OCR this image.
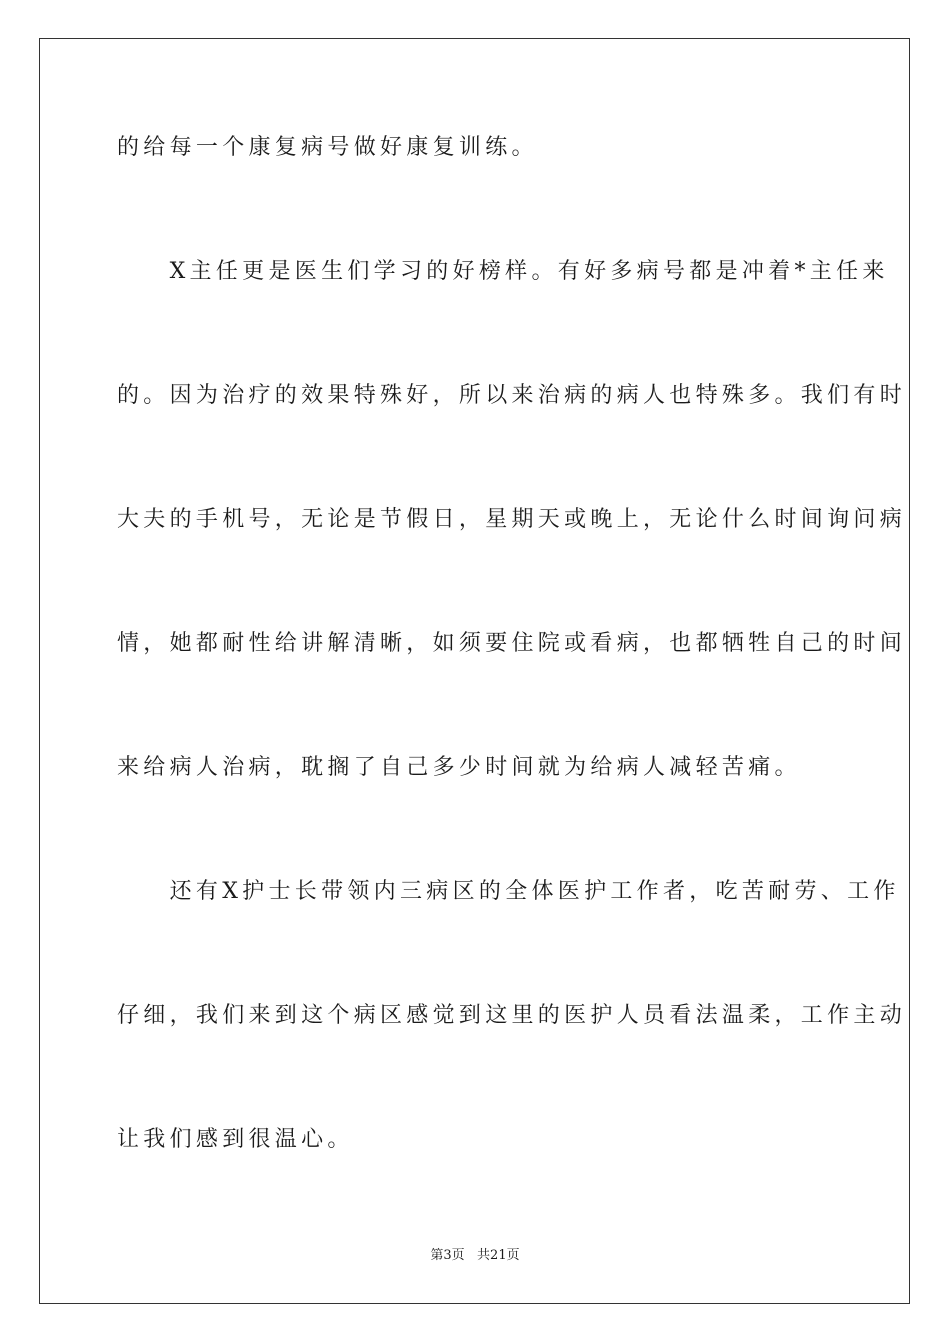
的给每一个康复病号做好康复训练。
　　X主任更是医生们学习的好榜样。有好多病号都是冲着*主任来
的。因为治疗的效果特殊好，所以来治病的病人也特殊多。我们有时
大夫的手机号，无论是节假日，星期天或晚上，无论什么时间询问病
情，她都耐性给讲解清晰，如须要住院或看病，也都牺牲自己的时间
来给病人治病，耽搁了自己多少时间就为给病人减轻苦痛。
　　还有X护士长带领内三病区的全体医护工作者，吃苦耐劳、工作
仔细，我们来到这个病区感觉到这里的医护人员看法温柔，工作主动
让我们感到很温心。
第3页   共21页
